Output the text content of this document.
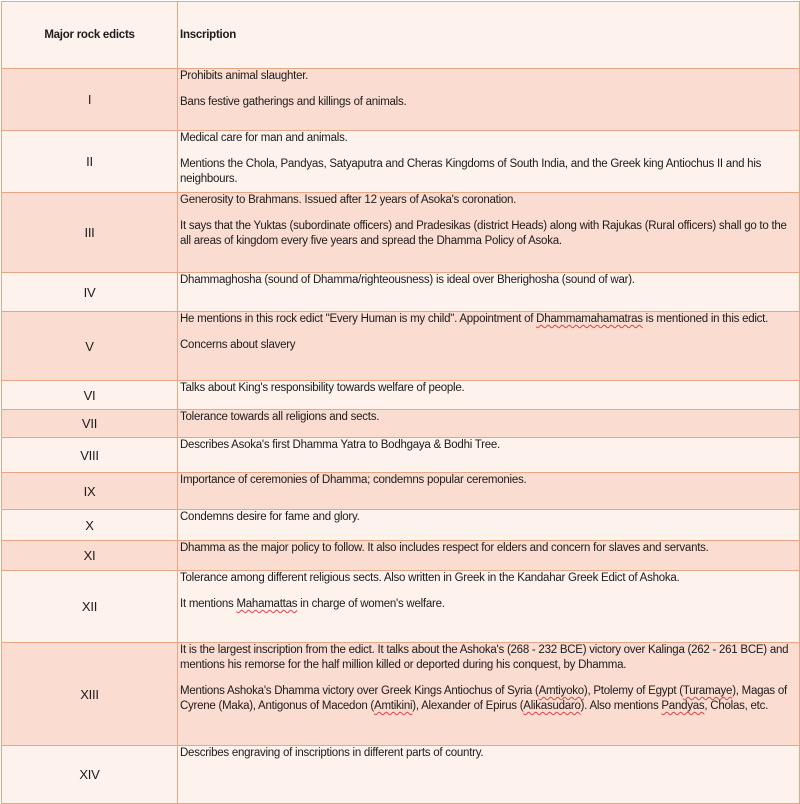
Major rock edicts	Inscription
I	Prohibits animal slaughter.

Bans festive gatherings and killings of animals.

II	Medical care for man and animals.

Mentions the Chola, Pandyas, Satyaputra and Cheras Kingdoms of South India, and the Greek king Antiochus II and his neighbours.

III	Generosity to Brahmans. Issued after 12 years of Asoka's coronation.

It says that the Yuktas (subordinate officers) and Pradesikas (district Heads) along with Rajukas (Rural officers) shall go to the all areas of kingdom every five years and spread the Dhamma Policy of Asoka.

IV	Dhammaghosha (sound of Dhamma/righteousness) is ideal over Bherighosha (sound of war).

V	He mentions in this rock edict "Every Human is my child". Appointment of Dhammamahamatras is mentioned in this edict.

Concerns about slavery

VI	Talks about King's responsibility towards welfare of people.

VII	Tolerance towards all religions and sects.

VIII	Describes Asoka's first Dhamma Yatra to Bodhgaya & Bodhi Tree.

IX	Importance of ceremonies of Dhamma; condemns popular ceremonies.

X	Condemns desire for fame and glory.

XI	Dhamma as the major policy to follow. It also includes respect for elders and concern for slaves and servants.

XII	Tolerance among different religious sects. Also written in Greek in the Kandahar Greek Edict of Ashoka.

It mentions Mahamattas in charge of women's welfare.

XIII	It is the largest inscription from the edict. It talks about the Ashoka's (268 - 232 BCE) victory over Kalinga (262 - 261 BCE) and mentions his remorse for the half million killed or deported during his conquest, by Dhamma.

Mentions Ashoka's Dhamma victory over Greek Kings Antiochus of Syria (Amtiyoko), Ptolemy of Egypt (Turamaye), Magas of Cyrene (Maka), Antigonus of Macedon (Amtikini), Alexander of Epirus (Alikasudaro). Also mentions Pandyas, Cholas, etc.

XIV	Describes engraving of inscriptions in different parts of country.
